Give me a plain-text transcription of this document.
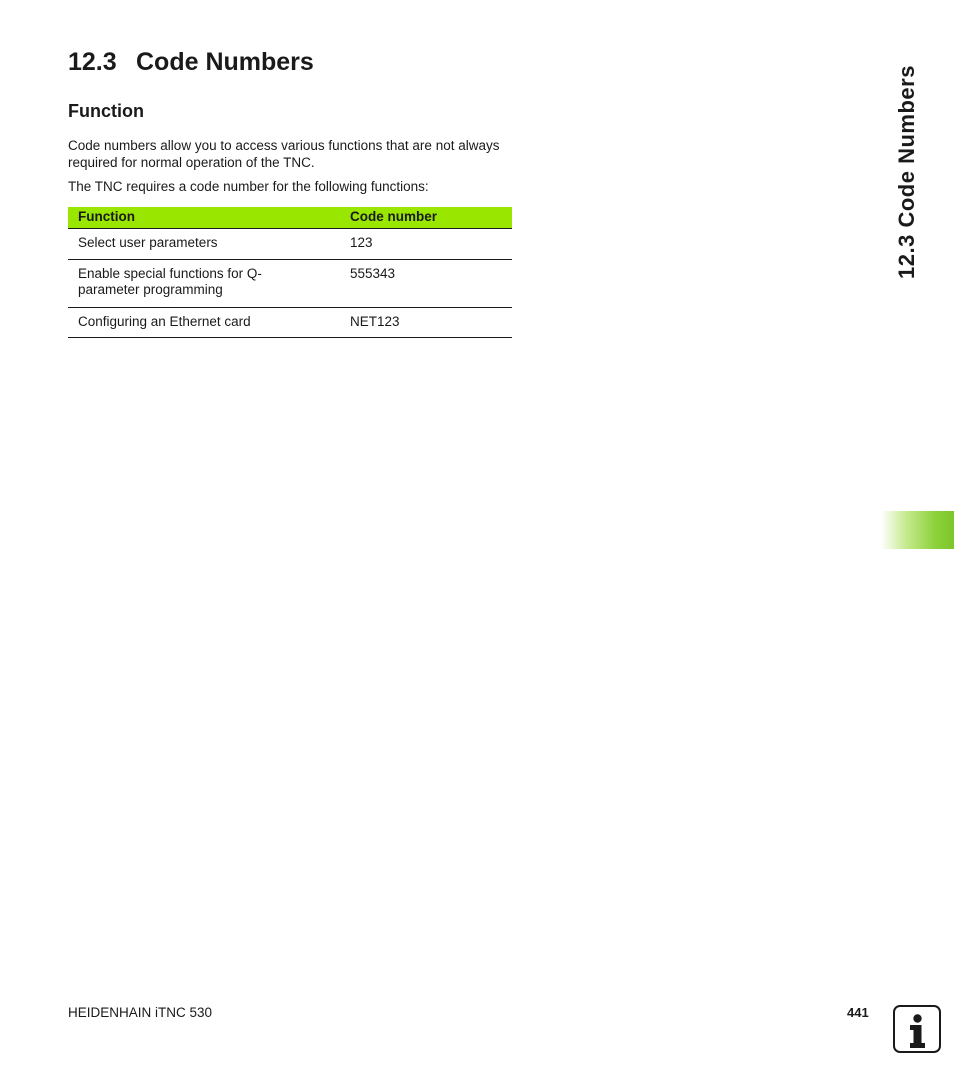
12.3 Code Numbers
Function

Code numbers allow you to access various functions that are not always required for normal operation of the TNC.

The TNC requires a code number for the following functions:

Function	Code number
Select user parameters	123
Enable special functions for Q-parameter programming	555343
Configuring an Ethernet card	NET123
12.3 Code Numbers
HEIDENHAIN iTNC 530	441
